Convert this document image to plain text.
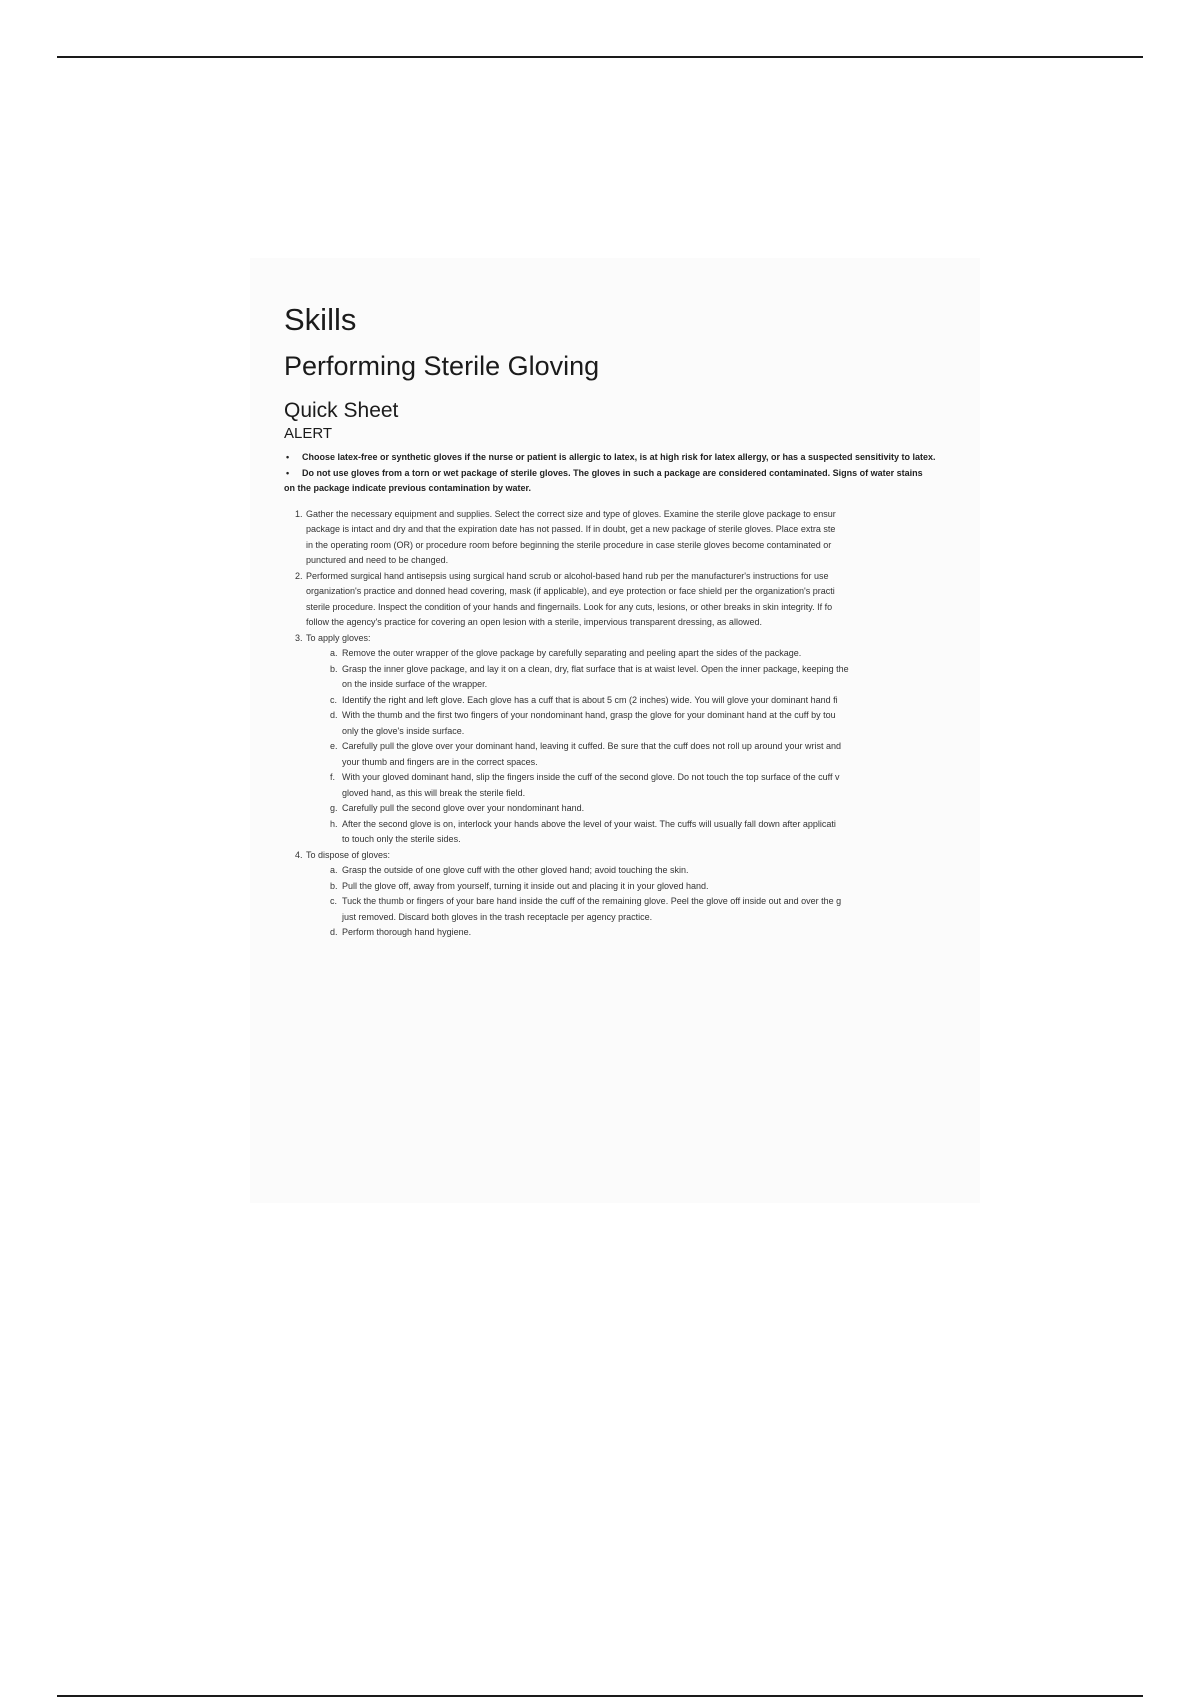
Skills
Performing Sterile Gloving
Quick Sheet
ALERT
• Choose latex-free or synthetic gloves if the nurse or patient is allergic to latex, is at high risk for latex allergy, or has a suspected sensitivity to latex.
• Do not use gloves from a torn or wet package of sterile gloves. The gloves in such a package are considered contaminated. Signs of water stains
on the package indicate previous contamination by water.
1. Gather the necessary equipment and supplies. Select the correct size and type of gloves. Examine the sterile glove package to ensur
package is intact and dry and that the expiration date has not passed. If in doubt, get a new package of sterile gloves. Place extra ste
in the operating room (OR) or procedure room before beginning the sterile procedure in case sterile gloves become contaminated or
punctured and need to be changed.
2. Performed surgical hand antisepsis using surgical hand scrub or alcohol-based hand rub per the manufacturer's instructions for use
organization's practice and donned head covering, mask (if applicable), and eye protection or face shield per the organization's practi
sterile procedure. Inspect the condition of your hands and fingernails. Look for any cuts, lesions, or other breaks in skin integrity. If fo
follow the agency's practice for covering an open lesion with a sterile, impervious transparent dressing, as allowed.
3. To apply gloves:
a. Remove the outer wrapper of the glove package by carefully separating and peeling apart the sides of the package.
b. Grasp the inner glove package, and lay it on a clean, dry, flat surface that is at waist level. Open the inner package, keeping the
on the inside surface of the wrapper.
c. Identify the right and left glove. Each glove has a cuff that is about 5 cm (2 inches) wide. You will glove your dominant hand fi
d. With the thumb and the first two fingers of your nondominant hand, grasp the glove for your dominant hand at the cuff by tou
only the glove's inside surface.
e. Carefully pull the glove over your dominant hand, leaving it cuffed. Be sure that the cuff does not roll up around your wrist and
your thumb and fingers are in the correct spaces.
f. With your gloved dominant hand, slip the fingers inside the cuff of the second glove. Do not touch the top surface of the cuff v
gloved hand, as this will break the sterile field.
g. Carefully pull the second glove over your nondominant hand.
h. After the second glove is on, interlock your hands above the level of your waist. The cuffs will usually fall down after applicati
to touch only the sterile sides.
4. To dispose of gloves:
a. Grasp the outside of one glove cuff with the other gloved hand; avoid touching the skin.
b. Pull the glove off, away from yourself, turning it inside out and placing it in your gloved hand.
c. Tuck the thumb or fingers of your bare hand inside the cuff of the remaining glove. Peel the glove off inside out and over the g
just removed. Discard both gloves in the trash receptacle per agency practice.
d. Perform thorough hand hygiene.
